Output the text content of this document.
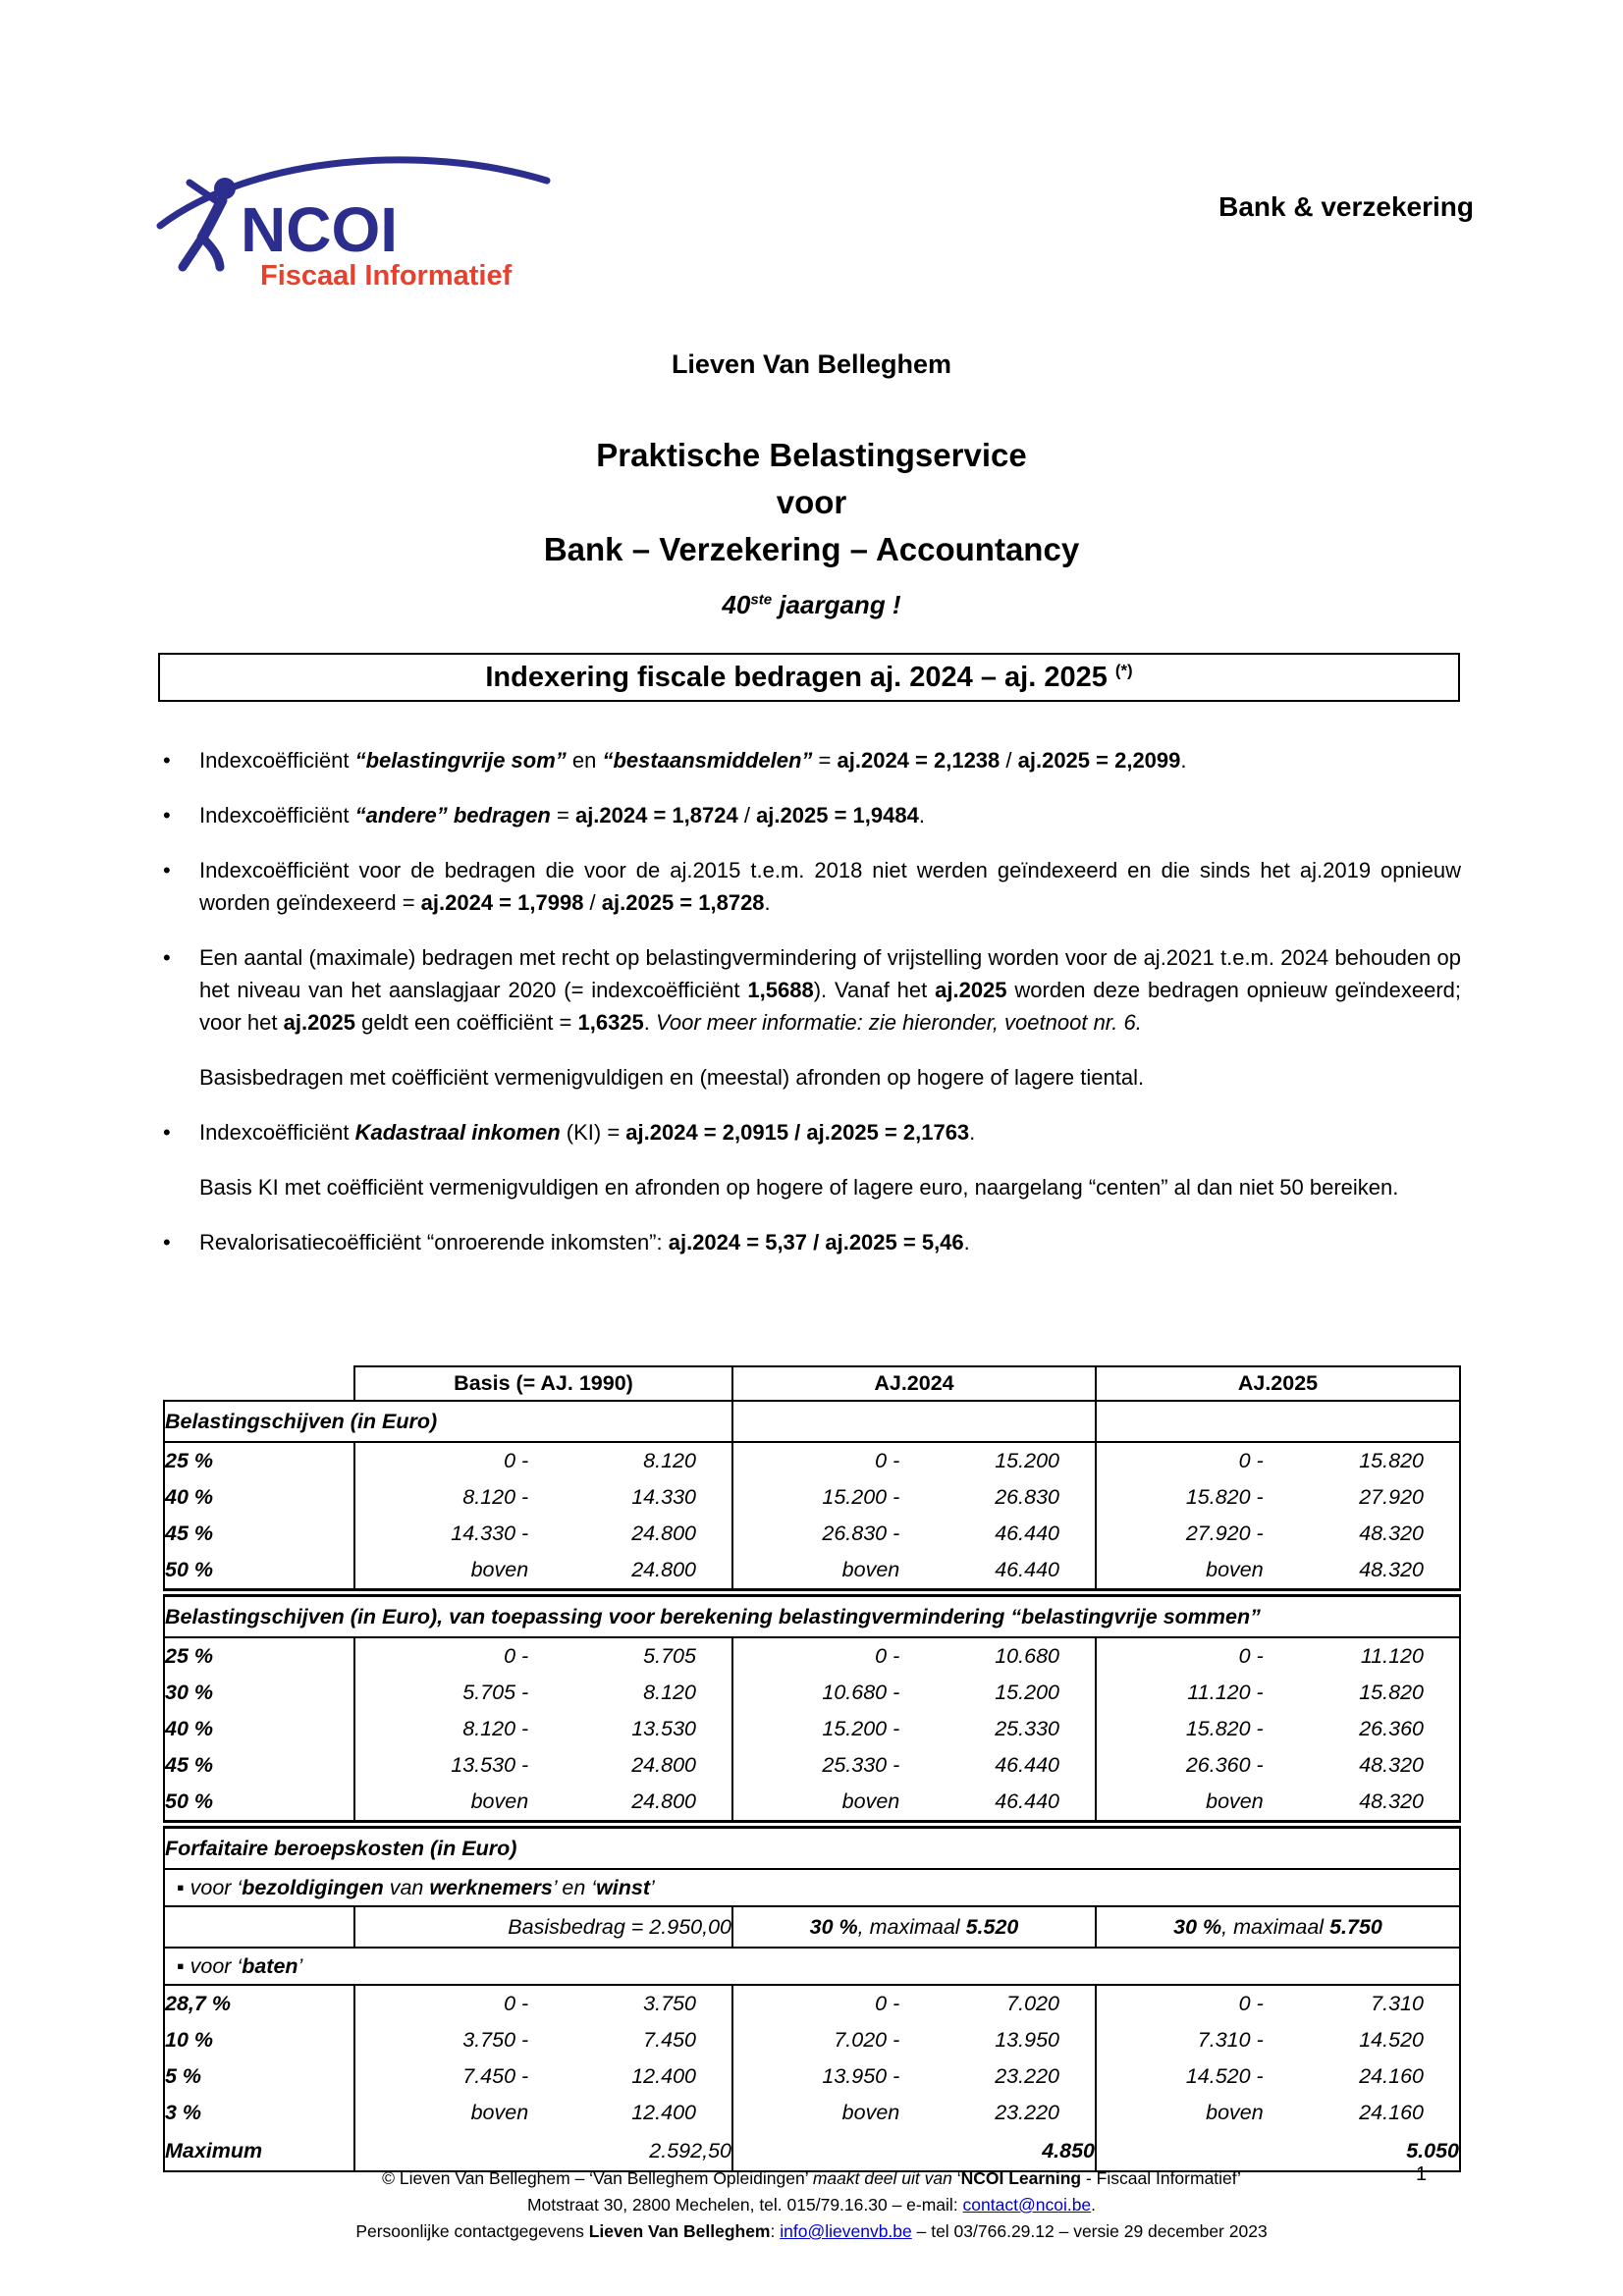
NCOI
Fiscaal Informatief
Bank & verzekering
Lieven Van Belleghem
Praktische Belastingservice
voor
Bank – Verzekering – Accountancy
40ste jaargang !
Indexering fiscale bedragen aj. 2024 – aj. 2025 (*)
•	Indexcoëfficiënt “belastingvrije som” en “bestaansmiddelen” = aj.2024 = 2,1238 / aj.2025 = 2,2099.
•	Indexcoëfficiënt “andere” bedragen = aj.2024 = 1,8724 / aj.2025 = 1,9484.
•	Indexcoëfficiënt voor de bedragen die voor de aj.2015 t.e.m. 2018 niet werden geïndexeerd en die sinds het aj.2019 opnieuw worden geïndexeerd = aj.2024 = 1,7998 / aj.2025 = 1,8728.
•	Een aantal (maximale) bedragen met recht op belastingvermindering of vrijstelling worden voor de aj.2021 t.e.m. 2024 behouden op het niveau van het aanslagjaar 2020 (= indexcoëfficiënt 1,5688). Vanaf het aj.2025 worden deze bedragen opnieuw geïndexeerd; voor het aj.2025 geldt een coëfficiënt = 1,6325. Voor meer informatie: zie hieronder, voetnoot nr. 6.
Basisbedragen met coëfficiënt vermenigvuldigen en (meestal) afronden op hogere of lagere tiental.
•	Indexcoëfficiënt Kadastraal inkomen (KI) = aj.2024 = 2,0915 / aj.2025 = 2,1763.
Basis KI met coëfficiënt vermenigvuldigen en afronden op hogere of lagere euro, naargelang “centen” al dan niet 50 bereiken.
•	Revalorisatiecoëfficiënt “onroerende inkomsten”: aj.2024 = 5,37 / aj.2025 = 5,46.
	Basis (= AJ. 1990)	AJ.2024	AJ.2025
Belastingschijven (in Euro)			
25 %	0 - 8.120	0 - 15.200	0 - 15.820

40 %	8.120 - 14.330	15.200 - 26.830	15.820 - 27.920

45 %	14.330 - 24.800	26.830 - 46.440	27.920 - 48.320

50 %	boven 24.800	boven 46.440	boven 48.320

Belastingschijven (in Euro), van toepassing voor berekening belastingvermindering “belastingvrije sommen”			
25 %	0 - 5.705	0 - 10.680	0 - 11.120

30 %	5.705 - 8.120	10.680 - 15.200	11.120 - 15.820

40 %	8.120 - 13.530	15.200 - 25.330	15.820 - 26.360

45 %	13.530 - 24.800	25.330 - 46.440	26.360 - 48.320

50 %	boven 24.800	boven 46.440	boven 48.320

Forfaitaire beroepskosten (in Euro)			
▪ voor ‘bezoldigingen van werknemers’ en ‘winst’			
	Basisbedrag = 2.950,00	30 %, maximaal 5.520	30 %, maximaal 5.750
▪ voor ‘baten’			
28,7 %	0 - 3.750	0 - 7.020	0 - 7.310

10 %	3.750 - 7.450	7.020 - 13.950	7.310 - 14.520

5 %	7.450 - 12.400	13.950 - 23.220	14.520 - 24.160

3 %	boven 12.400	boven 23.220	boven 24.160

Maximum	2.592,50	4.850	5.050
© Lieven Van Belleghem – ‘Van Belleghem Opleidingen’ maakt deel uit van ‘NCOI Learning - Fiscaal Informatief’
Motstraat 30, 2800 Mechelen, tel. 015/79.16.30 – e-mail: contact@ncoi.be.
Persoonlijke contactgegevens Lieven Van Belleghem: info@lievenvb.be – tel 03/766.29.12 – versie 29 december 2023
1
